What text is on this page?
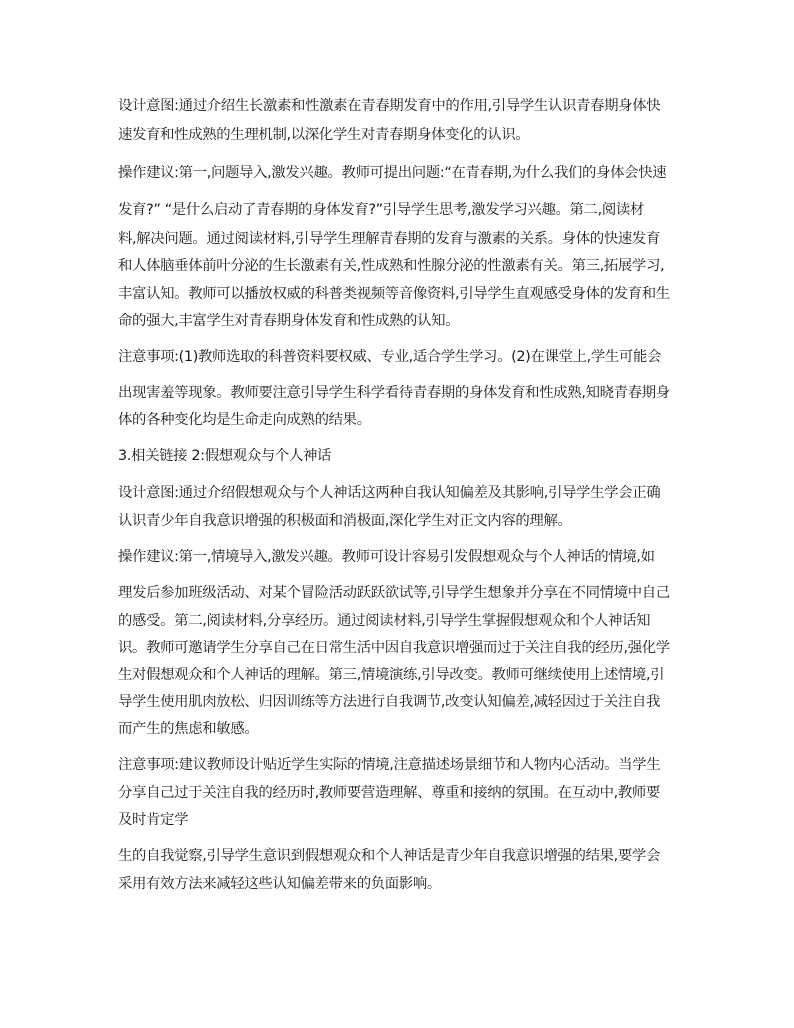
设计意图:通过介绍生长激素和性激素在青春期发育中的作用,引导学生认识青春期身体快
速发育和性成熟的生理机制,以深化学生对青春期身体变化的认识。
操作建议:第一,问题导入,激发兴趣。教师可提出问题:“在青春期,为什么我们的身体会快速
发育?” “是什么启动了青春期的身体发育?”引导学生思考,激发学习兴趣。第二,阅读材
料,解决问题。通过阅读材料,引导学生理解青春期的发育与激素的关系。身体的快速发育
和人体脑垂体前叶分泌的生长激素有关,性成熟和性腺分泌的性激素有关。第三,拓展学习,
丰富认知。教师可以播放权威的科普类视频等音像资料,引导学生直观感受身体的发育和生
命的强大,丰富学生对青春期身体发育和性成熟的认知。
注意事项:(1)教师选取的科普资料要权威、专业,适合学生学习。(2)在课堂上,学生可能会
出现害羞等现象。教师要注意引导学生科学看待青春期的身体发育和性成熟,知晓青春期身
体的各种变化均是生命走向成熟的结果。
3.相关链接 2:假想观众与个人神话
设计意图:通过介绍假想观众与个人神话这两种自我认知偏差及其影响,引导学生学会正确
认识青少年自我意识增强的积极面和消极面,深化学生对正文内容的理解。
操作建议:第一,情境导入,激发兴趣。教师可设计容易引发假想观众与个人神话的情境,如
理发后参加班级活动、对某个冒险活动跃跃欲试等,引导学生想象并分享在不同情境中自己
的感受。第二,阅读材料,分享经历。通过阅读材料,引导学生掌握假想观众和个人神话知
识。教师可邀请学生分享自己在日常生活中因自我意识增强而过于关注自我的经历,强化学
生对假想观众和个人神话的理解。第三,情境演练,引导改变。教师可继续使用上述情境,引
导学生使用肌肉放松、归因训练等方法进行自我调节,改变认知偏差,减轻因过于关注自我
而产生的焦虑和敏感。
注意事项:建议教师设计贴近学生实际的情境,注意描述场景细节和人物内心活动。当学生
分享自己过于关注自我的经历时,教师要营造理解、尊重和接纳的氛围。在互动中,教师要
及时肯定学
生的自我觉察,引导学生意识到假想观众和个人神话是青少年自我意识增强的结果,要学会
采用有效方法来减轻这些认知偏差带来的负面影响。
